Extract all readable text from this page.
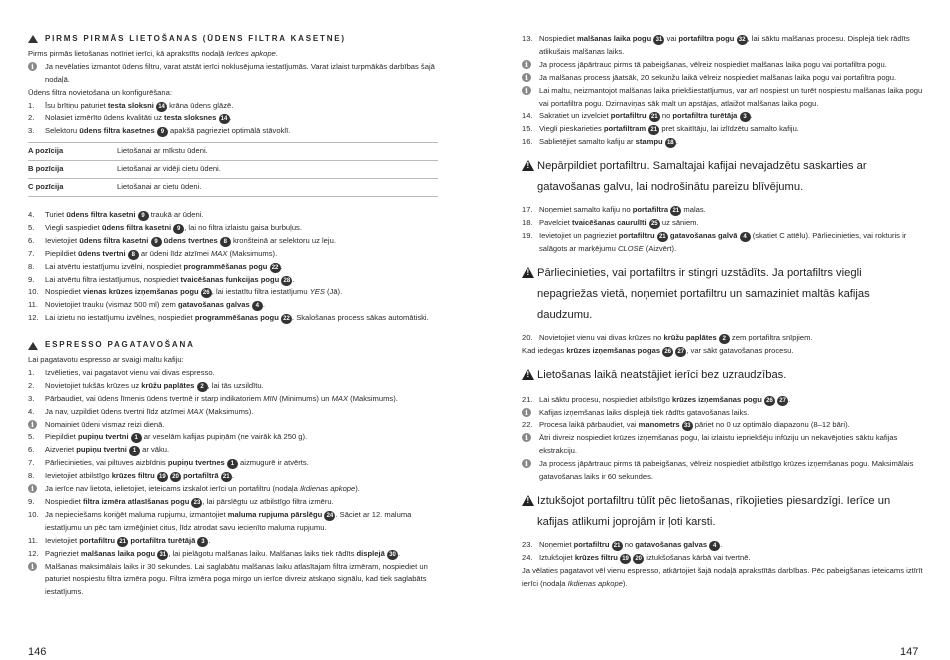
PIRMS PIRMĀS LIETOŠANAS (ŪDENS FILTRA KASETNE)
Pirms pirmās lietošanas notīriet ierīci, kā aprakstīts nodaļā Ierīces apkope.
i	Ja nevēlaties izmantot ūdens filtru, varat atstāt ierīci noklusējuma iestatījumās. Varat izlaist turpmākās darbības šajā nodaļā.
Ūdens filtra novietošana un konfigurēšana:
1.	Īsu brītiņu paturiet testa sloksni 14 krāna ūdens glāzē.
2.	Nolasiet izmērīto ūdens kvalitāti uz testa sloksnes 14 .
3.	Selektoru ūdens filtra kasetnes 9 apakšā pagrieziet optimālā stāvoklī.
A pozīcija	Lietošanai ar mīkstu ūdeni.
B pozīcija	Lietošanai ar vidēji cietu ūdeni.
C pozīcija	Lietošanai ar cietu ūdeni.
4.	Turiet ūdens filtra kasetni 9 traukā ar ūdeni.
5.	Viegli saspiediet ūdens filtra kasetni 9 , lai no filtra izlaistu gaisa burbuļus.
6.	Ievietojiet ūdens filtra kasetni 9 ūdens tvertnes 8 kronšteinā ar selektoru uz leju.
7.	Piepildiet ūdens tvertni 8 ar ūdeni līdz atzīmei MAX (Maksimums).
8.	Lai atvērtu iestatījumu izvēlni, nospiediet programmēšanas pogu 22 .
9.	Lai atvērtu filtra iestatījumus, nospiediet tvaicēšanas funkcijas pogu 28 .
10. Nospiediet vienas krūzes izņemšanas pogu 26 , lai iestatītu filtra iestatījumu YES (Jā).
11. Novietojiet trauku (vismaz 500 ml) zem gatavošanas galvas 4 .
12. Lai izietu no iestatījumu izvēlnes, nospiediet programmēšanas pogu 22 . Skalošanas process sākas automātiski.
ESPRESSO PAGATAVOŠANA
Lai pagatavotu espresso ar svaigi maltu kafiju:
1.	Izvēlieties, vai pagatavot vienu vai divas espresso.
2.	Novietojiet tukšās krūzes uz krūžu paplātes 2 , lai tās uzsildītu.
3.	Pārbaudiet, vai ūdens līmenis ūdens tvertnē ir starp indikatoriem MIN (Minimums) un MAX (Maksimums).
4.	Ja nav, uzpildiet ūdens tvertni līdz atzīmei MAX (Maksimums).
i	Nomainiet ūdeni vismaz reizi dienā.
5.	Piepildiet pupiņu tvertni 1 ar veselām kafijas pupiņām (ne vairāk kā 250 g).
6.	Aizveriet pupiņu tvertni 1 ar vāku.
7.	Pārliecinieties, vai piltuves aizbīdnis pupiņu tvertnes 1 aizmugurē ir atvērts.
8.	Ievietojiet atbilstīgo krūzes filtru 19 20 portafiltrā 21 .
i	Ja ierīce nav lietota, ielietojiet, ieteicams izskalot ierīci un portafiltru (nodaļa Ikdienas apkope).
9.	Nospiediet filtra izmēra atlasīšanas pogu 23 , lai pārslēgtu uz atbilstīgo filtra izmēru.
10. Ja nepieciešams koriģēt maluma rupjumu, izmantojiet maluma rupjuma pārslēgu 24 . Sāciet ar 12. maluma iestatījumu un pēc tam izmēģiniet citus, līdz atrodat savu iecienīto maluma rupjumu.
11. Ievietojiet portafiltru 21 portafiltra turētājā 3 .
12. Pagrieziet malšanas laika pogu 31 , lai pielāgotu malšanas laiku. Malšanas laiks tiek rādīts displejā 30 .
i	Malšanas maksimālais laiks ir 30 sekundes. Lai saglabātu malšanas laiku atlasītajam filtra izmēram, nospiediet un paturiet nospiestu filtra izmēra pogu. Filtra izmēra poga mirgo un ierīce divreiz atskaņo signālu, kad tiek saglabāts iestatījums.
146
13. Nospiediet malšanas laika pogu 31 vai portafiltra pogu 32 , lai sāktu malšanas procesu. Displejā tiek rādīts atlikušais malšanas laiks.
i	Ja process jāpārtrauc pirms tā pabeigšanas, vēlreiz nospiediet malšanas laika pogu vai portafiltra pogu.
i	Ja malšanas process jāatsāk, 20 sekunžu laikā vēlreiz nospiediet malšanas laika pogu vai portafiltra pogu.
i	Lai maltu, neizmantojot malšanas laika priekšiestatījumus, var arī nospiest un turēt nospiestu malšanas laika pogu vai portafiltra pogu. Dzirnaviņas sāk malt un apstājas, atlaižot malšanas laika pogu.
14. Sakratiet un izvelciet portafiltru 21 no portafiltra turētāja 3 .
15. Viegli pieskarieties portafiltram 21 pret skaitītāju, lai izlīdzētu samalto kafiju.
16. Sablietējiet samalto kafiju ar stampu 18 .
!
Nepārpildiet portafiltru. Samaltajai kafijai nevajadzētu saskarties ar gatavošanas galvu, lai nodrošinātu pareizu blīvējumu.
17. Noņemiet samalto kafiju no portafiltra 21 malas.
18. Pavelciet tvaicēšanas caurulīti 25 uz sāniem.
19. Ievietojiet un pagrieziet portafiltru 21 gatavošanas galvā 4 (skatiet C attēlu). Pārliecinieties, vai rokturis ir salāgots ar marķējumu CLOSE (Aizvērt).
!
Pārliecinieties, vai portafiltrs ir stingri uzstādīts. Ja portafiltrs viegli nepagriežas vietā, noņemiet portafiltru un samaziniet maltās kafijas daudzumu.
20. Novietojiet vienu vai divas krūzes no krūžu paplātes 2 zem portafiltra snīpjiem.
Kad iedegas krūzes izņemšanas pogas 26 27 , var sākt gatavošanas procesu.
!
Lietošanas laikā neatstājiet ierīci bez uzraudzības.
21. Lai sāktu procesu, nospiediet atbilstīgo krūzes izņemšanas pogu 26 27 .
i	Kafijas izņemšanas laiks displejā tiek rādīts gatavošanas laiks.
22. Procesa laikā pārbaudiet, vai manometrs 33 pāriet no 0 uz optimālo diapazonu (8–12 bāri).
i	Ātri divreiz nospiediet krūzes izņemšanas pogu, lai izlaistu iepriekšēju infūziju un nekavējoties sāktu kafijas ekstrakciju.
i	Ja process jāpārtrauc pirms tā pabeigšanas, vēlreiz nospiediet atbilstīgo krūzes izņemšanas pogu. Maksimālais gatavošanas laiks ir 60 sekundes.
!
Iztukšojot portafiltru tūlīt pēc lietošanas, rīkojieties piesardzīgi. Ierīce un kafijas atlikumi joprojām ir ļoti karsti.
23. Noņemiet portafiltru 21 no gatavošanas galvas 4 .
24. Iztukšojiet krūzes filtru 19 20 iztukšošanas kārbā vai tvertnē.
Ja vēlaties pagatavot vēl vienu espresso, atkārtojiet šajā nodaļā aprakstītās darbības. Pēc pabeigšanas ieteicams iztīrīt ierīci (nodaļa Ikdienas apkope).
147
